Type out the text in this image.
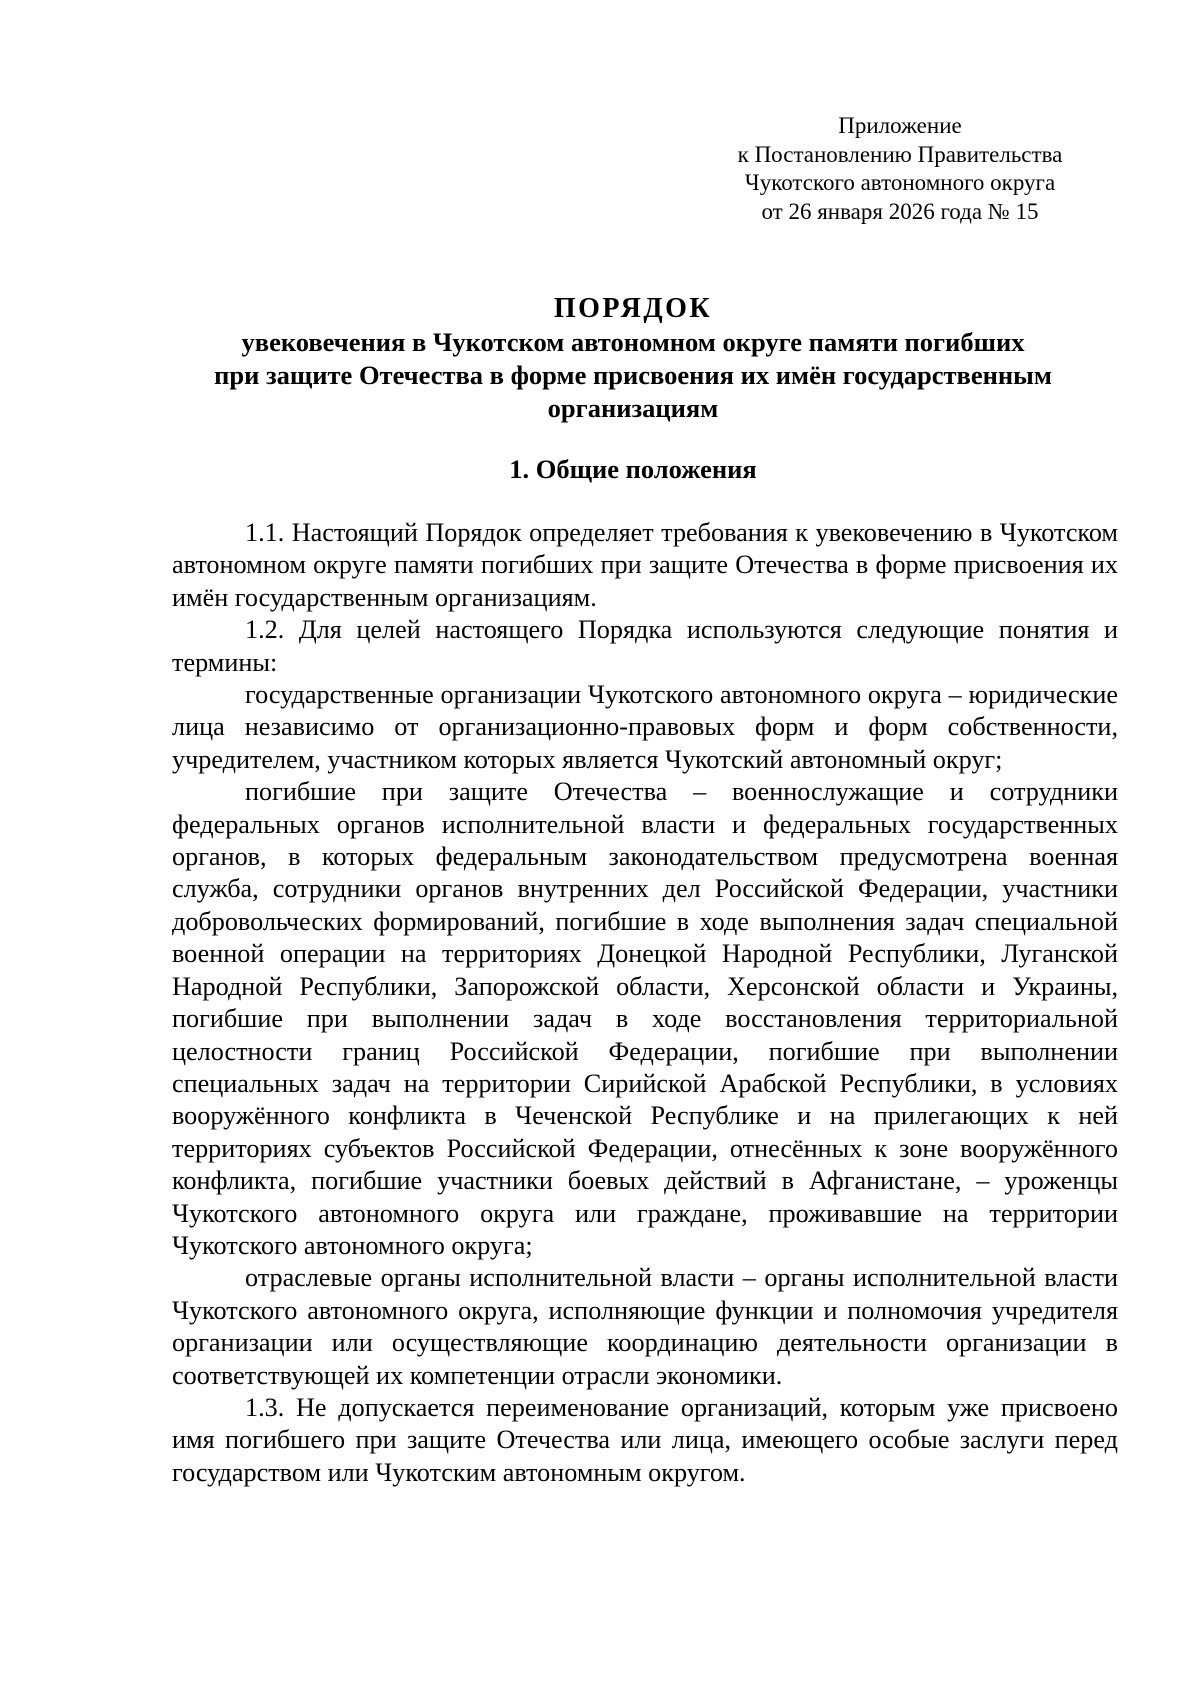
Приложение
к Постановлению Правительства
Чукотского автономного округа
от 26 января 2026 года № 15
ПОРЯДОК
увековечения в Чукотском автономном округе памяти погибших
при защите Отечества в форме присвоения их имён государственным
организациям
1. Общие положения

1.1. Настоящий Порядок определяет требования к увековечению в Чукотском автономном округе памяти погибших при защите Отечества в форме присвоения их имён государственным организациям.

1.2. Для целей настоящего Порядка используются следующие понятия и термины:

государственные организации Чукотского автономного округа – юридические лица независимо от организационно-правовых форм и форм собственности, учредителем, участником которых является Чукотский автономный округ;

погибшие при защите Отечества – военнослужащие и сотрудники федеральных органов исполнительной власти и федеральных государственных органов, в которых федеральным законодательством предусмотрена военная служба, сотрудники органов внутренних дел Российской Федерации, участники добровольческих формирований, погибшие в ходе выполнения задач специальной военной операции на территориях Донецкой Народной Республики, Луганской Народной Республики, Запорожской области, Херсонской области и Украины, погибшие при выполнении задач в ходе восстановления территориальной целостности границ Российской Федерации, погибшие при выполнении специальных задач на территории Сирийской Арабской Республики, в условиях вооружённого конфликта в Чеченской Республике и на прилегающих к ней территориях субъектов Российской Федерации, отнесённых к зоне вооружённого конфликта, погибшие участники боевых действий в Афганистане, – уроженцы Чукотского автономного округа или граждане, проживавшие на территории Чукотского автономного округа;

отраслевые органы исполнительной власти – органы исполнительной власти Чукотского автономного округа, исполняющие функции и полномочия учредителя организации или осуществляющие координацию деятельности организации в соответствующей их компетенции отрасли экономики.

1.3. Не допускается переименование организаций, которым уже присвоено имя погибшего при защите Отечества или лица, имеющего особые заслуги перед государством или Чукотским автономным округом.
